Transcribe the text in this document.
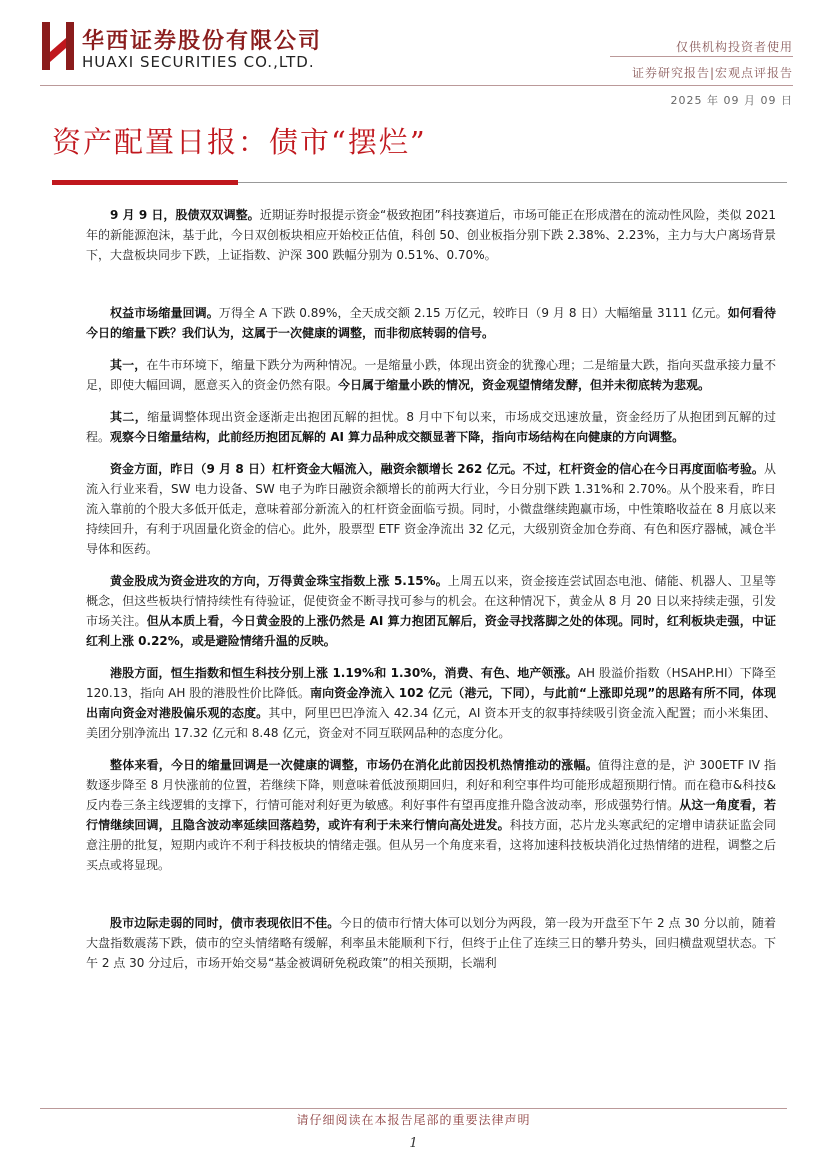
华西证券股份有限公司
HUAXI SECURITIES CO.,LTD.
仅供机构投资者使用
证券研究报告|宏观点评报告
2025 年 09 月 09 日
资产配置日报：债市“摆烂”

9 月 9 日，股债双双调整。近期证券时报提示资金“极致抱团”科技赛道后，市场可能正在形成潜在的流动性风险，类似 2021 年的新能源泡沫，基于此，今日双创板块相应开始校正估值，科创 50、创业板指分别下跌 2.38%、2.23%，主力与大户离场背景下，大盘板块同步下跌，上证指数、沪深 300 跌幅分别为 0.51%、0.70%。

权益市场缩量回调。万得全 A 下跌 0.89%，全天成交额 2.15 万亿元，较昨日（9 月 8 日）大幅缩量 3111 亿元。如何看待今日的缩量下跌？我们认为，这属于一次健康的调整，而非彻底转弱的信号。

其一，在牛市环境下，缩量下跌分为两种情况。一是缩量小跌，体现出资金的犹豫心理；二是缩量大跌，指向买盘承接力量不足，即使大幅回调，愿意买入的资金仍然有限。今日属于缩量小跌的情况，资金观望情绪发酵，但并未彻底转为悲观。

其二，缩量调整体现出资金逐渐走出抱团瓦解的担忧。8 月中下旬以来，市场成交迅速放量，资金经历了从抱团到瓦解的过程。观察今日缩量结构，此前经历抱团瓦解的 AI 算力品种成交额显著下降，指向市场结构在向健康的方向调整。

资金方面，昨日（9 月 8 日）杠杆资金大幅流入，融资余额增长 262 亿元。不过，杠杆资金的信心在今日再度面临考验。从流入行业来看，SW 电力设备、SW 电子为昨日融资余额增长的前两大行业，今日分别下跌 1.31%和 2.70%。从个股来看，昨日流入靠前的个股大多低开低走，意味着部分新流入的杠杆资金面临亏损。同时，小微盘继续跑赢市场，中性策略收益在 8 月底以来持续回升，有利于巩固量化资金的信心。此外，股票型 ETF 资金净流出 32 亿元，大级别资金加仓券商、有色和医疗器械，减仓半导体和医药。

黄金股成为资金进攻的方向，万得黄金珠宝指数上涨 5.15%。上周五以来，资金接连尝试固态电池、储能、机器人、卫星等概念，但这些板块行情持续性有待验证，促使资金不断寻找可参与的机会。在这种情况下，黄金从 8 月 20 日以来持续走强，引发市场关注。但从本质上看，今日黄金股的上涨仍然是 AI 算力抱团瓦解后，资金寻找落脚之处的体现。同时，红利板块走强，中证红利上涨 0.22%，或是避险情绪升温的反映。

港股方面，恒生指数和恒生科技分别上涨 1.19%和 1.30%，消费、有色、地产领涨。AH 股溢价指数（HSAHP.HI）下降至 120.13，指向 AH 股的港股性价比降低。南向资金净流入 102 亿元（港元，下同），与此前“上涨即兑现”的思路有所不同，体现出南向资金对港股偏乐观的态度。其中，阿里巴巴净流入 42.34 亿元，AI 资本开支的叙事持续吸引资金流入配置；而小米集团、美团分别净流出 17.32 亿元和 8.48 亿元，资金对不同互联网品种的态度分化。

整体来看，今日的缩量回调是一次健康的调整，市场仍在消化此前因投机热情推动的涨幅。值得注意的是，沪 300ETF IV 指数逐步降至 8 月快涨前的位置，若继续下降，则意味着低波预期回归，利好和利空事件均可能形成超预期行情。而在稳市&科技&反内卷三条主线逻辑的支撑下，行情可能对利好更为敏感。利好事件有望再度推升隐含波动率，形成强势行情。从这一角度看，若行情继续回调，且隐含波动率延续回落趋势，或许有利于未来行情向高处进发。科技方面，芯片龙头寒武纪的定增申请获证监会同意注册的批复，短期内或许不利于科技板块的情绪走强。但从另一个角度来看，这将加速科技板块消化过热情绪的进程，调整之后买点或将显现。

股市边际走弱的同时，债市表现依旧不佳。今日的债市行情大体可以划分为两段，第一段为开盘至下午 2 点 30 分以前，随着大盘指数震荡下跌，债市的空头情绪略有缓解，利率虽未能顺利下行，但终于止住了连续三日的攀升势头，回归横盘观望状态。下午 2 点 30 分过后，市场开始交易“基金被调研免税政策”的相关预期，长端利

请仔细阅读在本报告尾部的重要法律声明
1
